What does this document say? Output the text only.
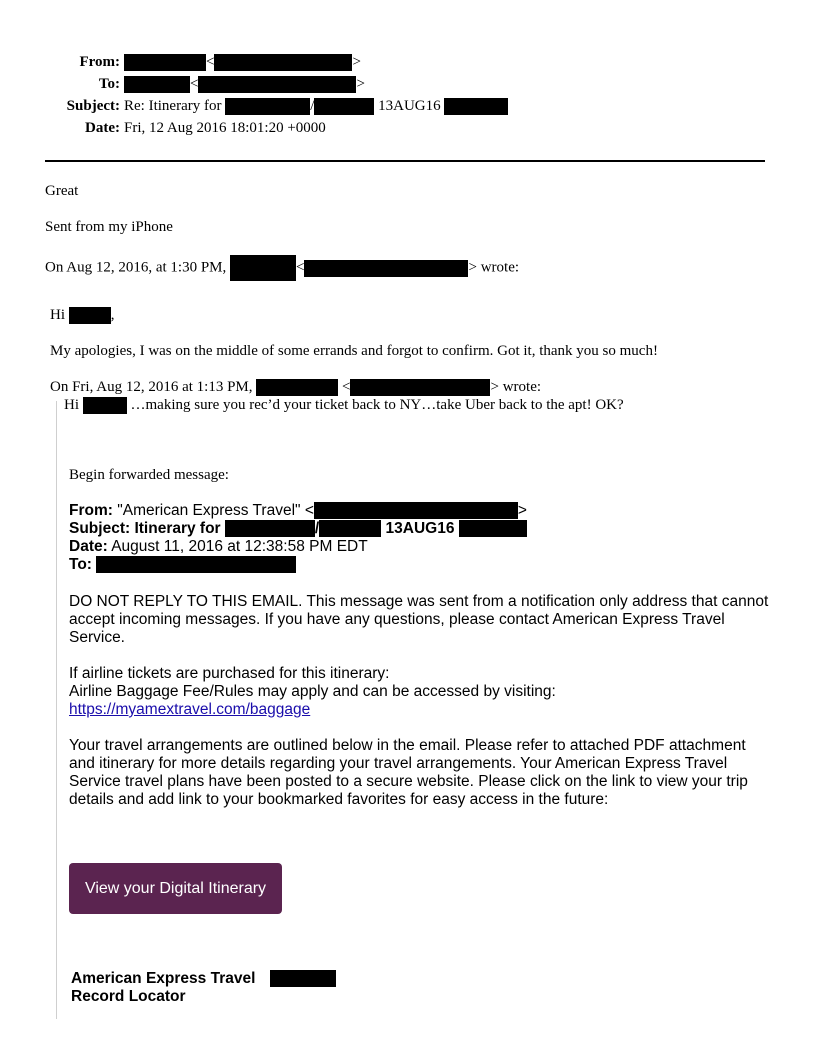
From:	<	>
To:	<	>
Subject: Re: Itinerary for	/	13AUG16
Date: Fri, 12 Aug 2016 18:01:20 +0000
Great
Sent from my iPhone
On Aug 12, 2016, at 1:30 PM,	<	> wrote:
Hi	,
My apologies, I was on the middle of some errands and forgot to confirm. Got it, thank you so much!
On Fri, Aug 12, 2016 at 1:13 PM,	<	> wrote:
Hi	…making sure you rec’d your ticket back to NY…take Uber back to the apt! OK?
Begin forwarded message:
From: "American Express Travel" <	>
Subject: Itinerary for	/	13AUG16
Date: August 11, 2016 at 12:38:58 PM EDT
To:
DO NOT REPLY TO THIS EMAIL. This message was sent from a notification only address that cannot accept incoming messages. If you have any questions, please contact American Express Travel Service.
If airline tickets are purchased for this itinerary:
Airline Baggage Fee/Rules may apply and can be accessed by visiting:
https://myamextravel.com/baggage
Your travel arrangements are outlined below in the email. Please refer to attached PDF attachment and itinerary for more details regarding your travel arrangements. Your American Express Travel Service travel plans have been posted to a secure website. Please click on the link to view your trip details and add link to your bookmarked favorites for easy access in the future:
View your Digital Itinerary
American Express Travel
Record Locator
